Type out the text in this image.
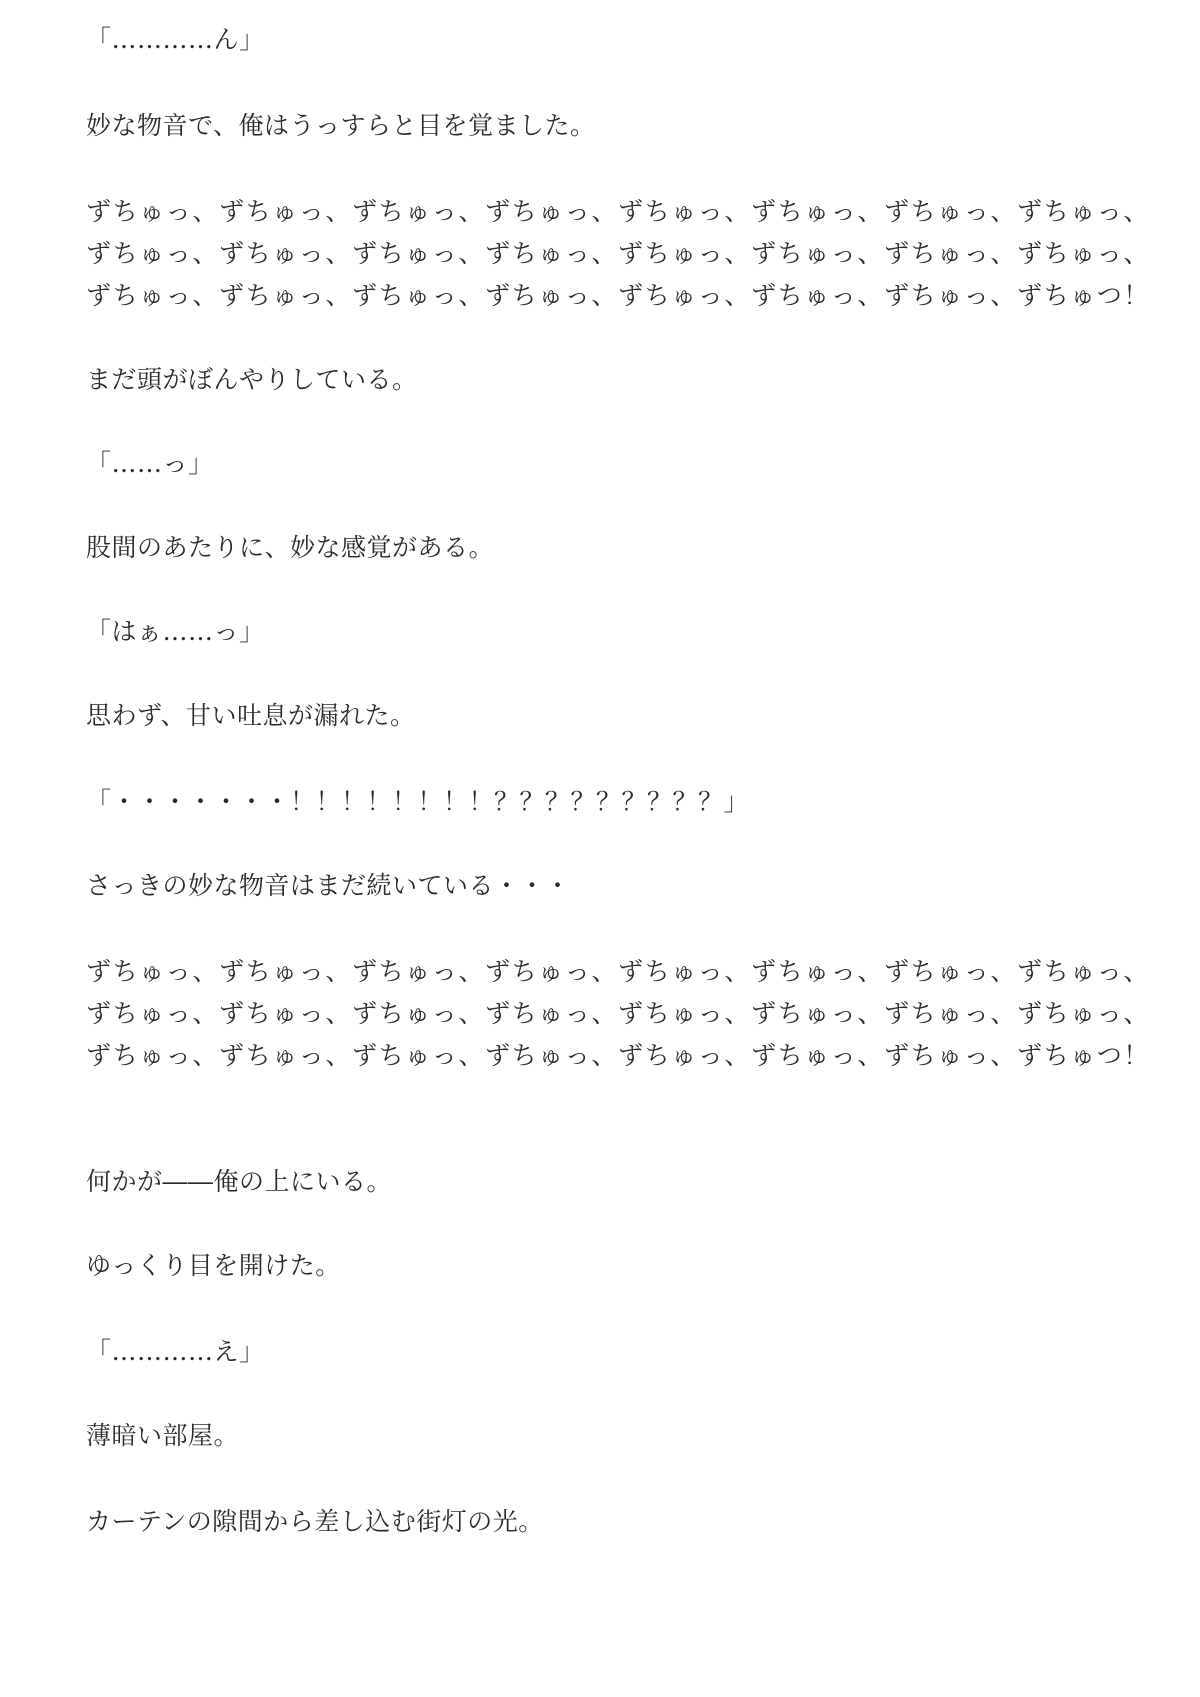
「…………ん」

妙な物音で、俺はうっすらと目を覚ました。

ずちゅっ、ずちゅっ、ずちゅっ、ずちゅっ、ずちゅっ、ずちゅっ、ずちゅっ、ずちゅっ、

ずちゅっ、ずちゅっ、ずちゅっ、ずちゅっ、ずちゅっ、ずちゅっ、ずちゅっ、ずちゅっ、

ずちゅっ、ずちゅっ、ずちゅっ、ずちゅっ、ずちゅっ、ずちゅっ、ずちゅっ、ずちゅつ！

まだ頭がぼんやりしている。

「……っ」

股間のあたりに、妙な感覚がある。

「はぁ……っ」

思わず、甘い吐息が漏れた。

「・・・・・・・！！！！！！！！？？？？？？？？？」

さっきの妙な物音はまだ続いている・・・

ずちゅっ、ずちゅっ、ずちゅっ、ずちゅっ、ずちゅっ、ずちゅっ、ずちゅっ、ずちゅっ、

ずちゅっ、ずちゅっ、ずちゅっ、ずちゅっ、ずちゅっ、ずちゅっ、ずちゅっ、ずちゅっ、

ずちゅっ、ずちゅっ、ずちゅっ、ずちゅっ、ずちゅっ、ずちゅっ、ずちゅっ、ずちゅつ！

何かが――俺の上にいる。

ゆっくり目を開けた。

「…………え」

薄暗い部屋。

カーテンの隙間から差し込む街灯の光。
